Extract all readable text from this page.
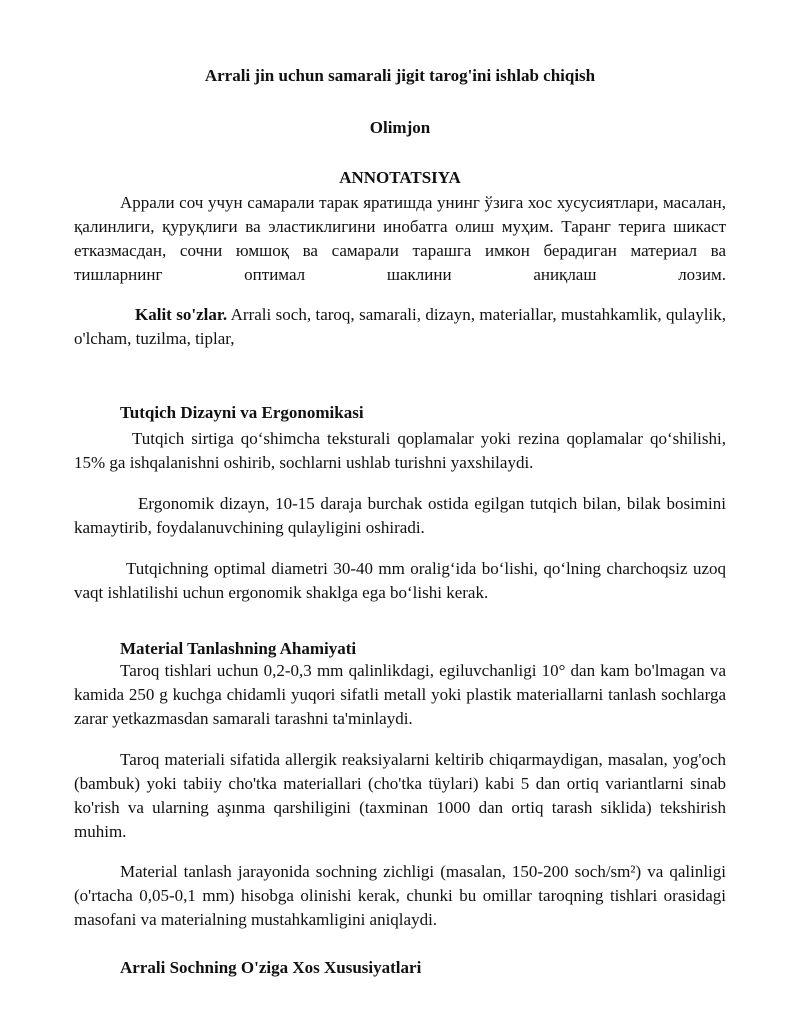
Arrali jin uchun samarali jigit tarog'ini ishlab chiqish
Olimjon
ANNOTATSIYA

Аррали соч учун самарали тарак яратишда унинг ўзига хос хусусиятлари, масалан, қалинлиги, қуруқлиги ва эластиклигини инобатга олиш муҳим. Таранг терига шикаст етказмасдан, сочни юмшоқ ва самарали тарашга имкон берадиган материал ва тишларнинг оптимал шаклини аниқлаш лозим.

Kalit so'zlar. Arrali soch, taroq, samarali, dizayn, materiallar, mustahkamlik, qulaylik, o'lcham, tuzilma, tiplar,

Tutqich Dizayni va Ergonomikasi

Tutqich sirtiga qo‘shimcha teksturali qoplamalar yoki rezina qoplamalar qo‘shilishi, 15% ga ishqalanishni oshirib, sochlarni ushlab turishni yaxshilaydi.

Ergonomik dizayn, 10-15 daraja burchak ostida egilgan tutqich bilan, bilak bosimini kamaytirib, foydalanuvchining qulayligini oshiradi.

Tutqichning optimal diametri 30-40 mm oralig‘ida bo‘lishi, qo‘lning charchoqsiz uzoq vaqt ishlatilishi uchun ergonomik shaklga ega bo‘lishi kerak.

Material Tanlashning Ahamiyati

Taroq tishlari uchun 0,2-0,3 mm qalinlikdagi, egiluvchanligi 10° dan kam bo'lmagan va kamida 250 g kuchga chidamli yuqori sifatli metall yoki plastik materiallarni tanlash sochlarga zarar yetkazmasdan samarali tarashni ta'minlaydi.

Taroq materiali sifatida allergik reaksiyalarni keltirib chiqarmaydigan, masalan, yog'och (bambuk) yoki tabiiy cho'tka materiallari (cho'tka tüylari) kabi 5 dan ortiq variantlarni sinab ko'rish va ularning aşınma qarshiligini (taxminan 1000 dan ortiq tarash siklida) tekshirish muhim.

Material tanlash jarayonida sochning zichligi (masalan, 150-200 soch/sm²) va qalinligi (o'rtacha 0,05-0,1 mm) hisobga olinishi kerak, chunki bu omillar taroqning tishlari orasidagi masofani va materialning mustahkamligini aniqlaydi.

Arrali Sochning O'ziga Xos Xususiyatlari
